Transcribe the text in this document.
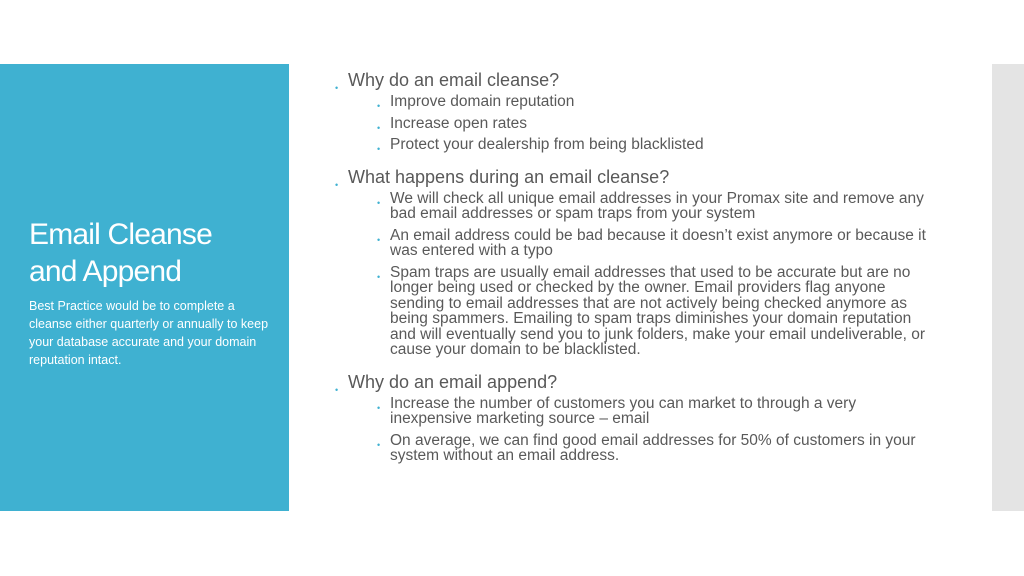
Email Cleanse
and Append

Best Practice would be to complete a cleanse either quarterly or annually to keep your database accurate and your domain reputation intact.

• Why do an email cleanse?
• Improve domain reputation
• Increase open rates
• Protect your dealership from being blacklisted
• What happens during an email cleanse?
• We will check all unique email addresses in your Promax site and remove any bad email addresses or spam traps from your system
• An email address could be bad because it doesn’t exist anymore or because it was entered with a typo
• Spam traps are usually email addresses that used to be accurate but are no longer being used or checked by the owner. Email providers flag anyone sending to email addresses that are not actively being checked anymore as being spammers. Emailing to spam traps diminishes your domain reputation and will eventually send you to junk folders, make your email undeliverable, or cause your domain to be blacklisted.
• Why do an email append?
• Increase the number of customers you can market to through a very inexpensive marketing source – email
• On average, we can find good email addresses for 50% of customers in your system without an email address.
